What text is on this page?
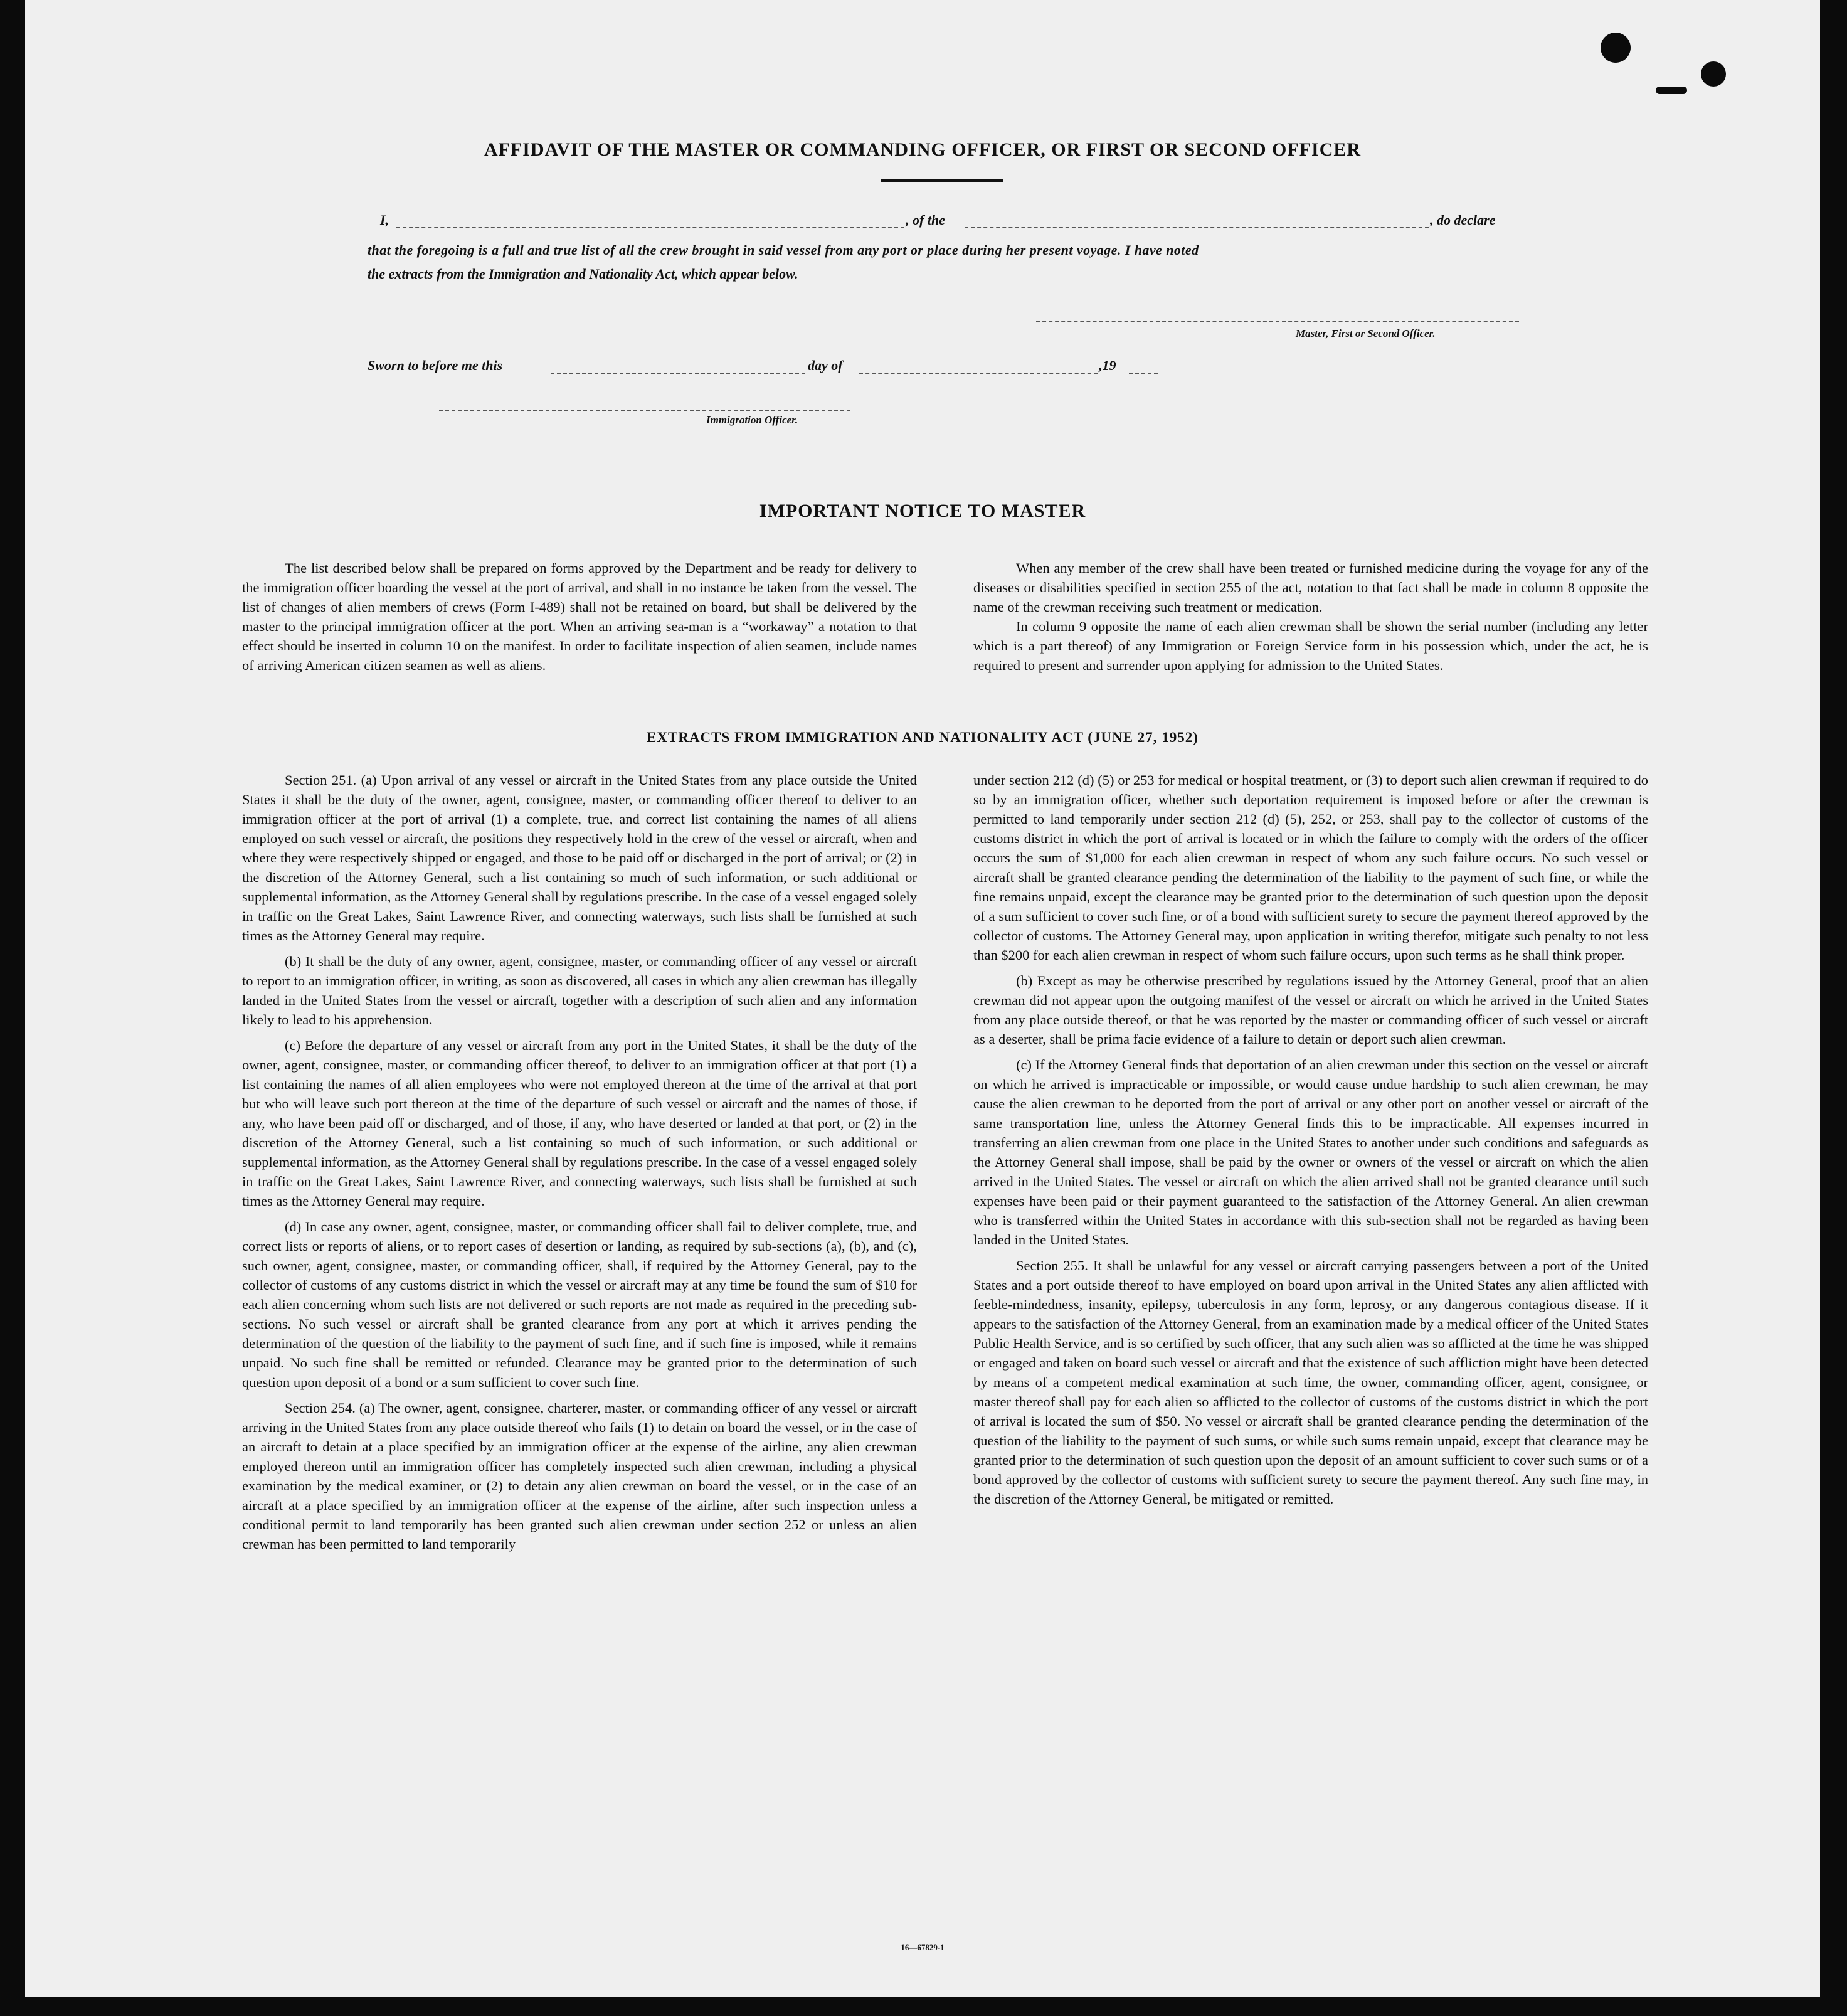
AFFIDAVIT OF THE MASTER OR COMMANDING OFFICER, OR FIRST OR SECOND OFFICER
I,	, of the	, do declare
that the foregoing is a full and true list of all the crew brought in said vessel from any port or place during her present voyage. I have noted
the extracts from the Immigration and Nationality Act, which appear below.
Master, First or Second Officer.
Sworn to before me this	day of	,19
Immigration Officer.
IMPORTANT NOTICE TO MASTER

The list described below shall be prepared on forms approved by the Department and be ready for delivery to the immigration officer boarding the vessel at the port of arrival, and shall in no instance be taken from the vessel. The list of changes of alien members of crews (Form I-489) shall not be retained on board, but shall be delivered by the master to the principal immigration officer at the port. When an arriving sea-man is a “workaway” a notation to that effect should be inserted in column 10 on the manifest. In order to facilitate inspection of alien seamen, include names of arriving American citizen seamen as well as aliens.

When any member of the crew shall have been treated or furnished medicine during the voyage for any of the diseases or disabilities specified in section 255 of the act, notation to that fact shall be made in column 8 opposite the name of the crewman receiving such treatment or medication.

In column 9 opposite the name of each alien crewman shall be shown the serial number (including any letter which is a part thereof) of any Immigration or Foreign Service form in his possession which, under the act, he is required to present and surrender upon applying for admission to the United States.

EXTRACTS FROM IMMIGRATION AND NATIONALITY ACT (JUNE 27, 1952)

Section 251. (a) Upon arrival of any vessel or aircraft in the United States from any place outside the United States it shall be the duty of the owner, agent, consignee, master, or commanding officer thereof to deliver to an immigration officer at the port of arrival (1) a complete, true, and correct list containing the names of all aliens employed on such vessel or aircraft, the positions they respectively hold in the crew of the vessel or aircraft, when and where they were respectively shipped or engaged, and those to be paid off or discharged in the port of arrival; or (2) in the discretion of the Attorney General, such a list containing so much of such information, or such additional or supplemental information, as the Attorney General shall by regulations prescribe. In the case of a vessel engaged solely in traffic on the Great Lakes, Saint Lawrence River, and connecting waterways, such lists shall be furnished at such times as the Attorney General may require.

(b) It shall be the duty of any owner, agent, consignee, master, or commanding officer of any vessel or aircraft to report to an immigration officer, in writing, as soon as discovered, all cases in which any alien crewman has illegally landed in the United States from the vessel or aircraft, together with a description of such alien and any information likely to lead to his apprehension.

(c) Before the departure of any vessel or aircraft from any port in the United States, it shall be the duty of the owner, agent, consignee, master, or commanding officer thereof, to deliver to an immigration officer at that port (1) a list containing the names of all alien employees who were not employed thereon at the time of the arrival at that port but who will leave such port thereon at the time of the departure of such vessel or aircraft and the names of those, if any, who have been paid off or discharged, and of those, if any, who have deserted or landed at that port, or (2) in the discretion of the Attorney General, such a list containing so much of such information, or such additional or supplemental information, as the Attorney General shall by regulations prescribe. In the case of a vessel engaged solely in traffic on the Great Lakes, Saint Lawrence River, and connecting waterways, such lists shall be furnished at such times as the Attorney General may require.

(d) In case any owner, agent, consignee, master, or commanding officer shall fail to deliver complete, true, and correct lists or reports of aliens, or to report cases of desertion or landing, as required by sub-sections (a), (b), and (c), such owner, agent, consignee, master, or commanding officer, shall, if required by the Attorney General, pay to the collector of customs of any customs district in which the vessel or aircraft may at any time be found the sum of $10 for each alien concerning whom such lists are not delivered or such reports are not made as required in the preceding sub-sections. No such vessel or aircraft shall be granted clearance from any port at which it arrives pending the determination of the question of the liability to the payment of such fine, and if such fine is imposed, while it remains unpaid. No such fine shall be remitted or refunded. Clearance may be granted prior to the determination of such question upon deposit of a bond or a sum sufficient to cover such fine.

Section 254. (a) The owner, agent, consignee, charterer, master, or commanding officer of any vessel or aircraft arriving in the United States from any place outside thereof who fails (1) to detain on board the vessel, or in the case of an aircraft to detain at a place specified by an immigration officer at the expense of the airline, any alien crewman employed thereon until an immigration officer has completely inspected such alien crewman, including a physical examination by the medical examiner, or (2) to detain any alien crewman on board the vessel, or in the case of an aircraft at a place specified by an immigration officer at the expense of the airline, after such inspection unless a conditional permit to land temporarily has been granted such alien crewman under section 252 or unless an alien crewman has been permitted to land temporarily

under section 212 (d) (5) or 253 for medical or hospital treatment, or (3) to deport such alien crewman if required to do so by an immigration officer, whether such deportation requirement is imposed before or after the crewman is permitted to land temporarily under section 212 (d) (5), 252, or 253, shall pay to the collector of customs of the customs district in which the port of arrival is located or in which the failure to comply with the orders of the officer occurs the sum of $1,000 for each alien crewman in respect of whom any such failure occurs. No such vessel or aircraft shall be granted clearance pending the determination of the liability to the payment of such fine, or while the fine remains unpaid, except the clearance may be granted prior to the determination of such question upon the deposit of a sum sufficient to cover such fine, or of a bond with sufficient surety to secure the payment thereof approved by the collector of customs. The Attorney General may, upon application in writing therefor, mitigate such penalty to not less than $200 for each alien crewman in respect of whom such failure occurs, upon such terms as he shall think proper.

(b) Except as may be otherwise prescribed by regulations issued by the Attorney General, proof that an alien crewman did not appear upon the outgoing manifest of the vessel or aircraft on which he arrived in the United States from any place outside thereof, or that he was reported by the master or commanding officer of such vessel or aircraft as a deserter, shall be prima facie evidence of a failure to detain or deport such alien crewman.

(c) If the Attorney General finds that deportation of an alien crewman under this section on the vessel or aircraft on which he arrived is impracticable or impossible, or would cause undue hardship to such alien crewman, he may cause the alien crewman to be deported from the port of arrival or any other port on another vessel or aircraft of the same transportation line, unless the Attorney General finds this to be impracticable. All expenses incurred in transferring an alien crewman from one place in the United States to another under such conditions and safeguards as the Attorney General shall impose, shall be paid by the owner or owners of the vessel or aircraft on which the alien arrived in the United States. The vessel or aircraft on which the alien arrived shall not be granted clearance until such expenses have been paid or their payment guaranteed to the satisfaction of the Attorney General. An alien crewman who is transferred within the United States in accordance with this sub-section shall not be regarded as having been landed in the United States.

Section 255. It shall be unlawful for any vessel or aircraft carrying passengers between a port of the United States and a port outside thereof to have employed on board upon arrival in the United States any alien afflicted with feeble-mindedness, insanity, epilepsy, tuberculosis in any form, leprosy, or any dangerous contagious disease. If it appears to the satisfaction of the Attorney General, from an examination made by a medical officer of the United States Public Health Service, and is so certified by such officer, that any such alien was so afflicted at the time he was shipped or engaged and taken on board such vessel or aircraft and that the existence of such affliction might have been detected by means of a competent medical examination at such time, the owner, commanding officer, agent, consignee, or master thereof shall pay for each alien so afflicted to the collector of customs of the customs district in which the port of arrival is located the sum of $50. No vessel or aircraft shall be granted clearance pending the determination of the question of the liability to the payment of such sums, or while such sums remain unpaid, except that clearance may be granted prior to the determination of such question upon the deposit of an amount sufficient to cover such sums or of a bond approved by the collector of customs with sufficient surety to secure the payment thereof. Any such fine may, in the discretion of the Attorney General, be mitigated or remitted.

16—67829-1
